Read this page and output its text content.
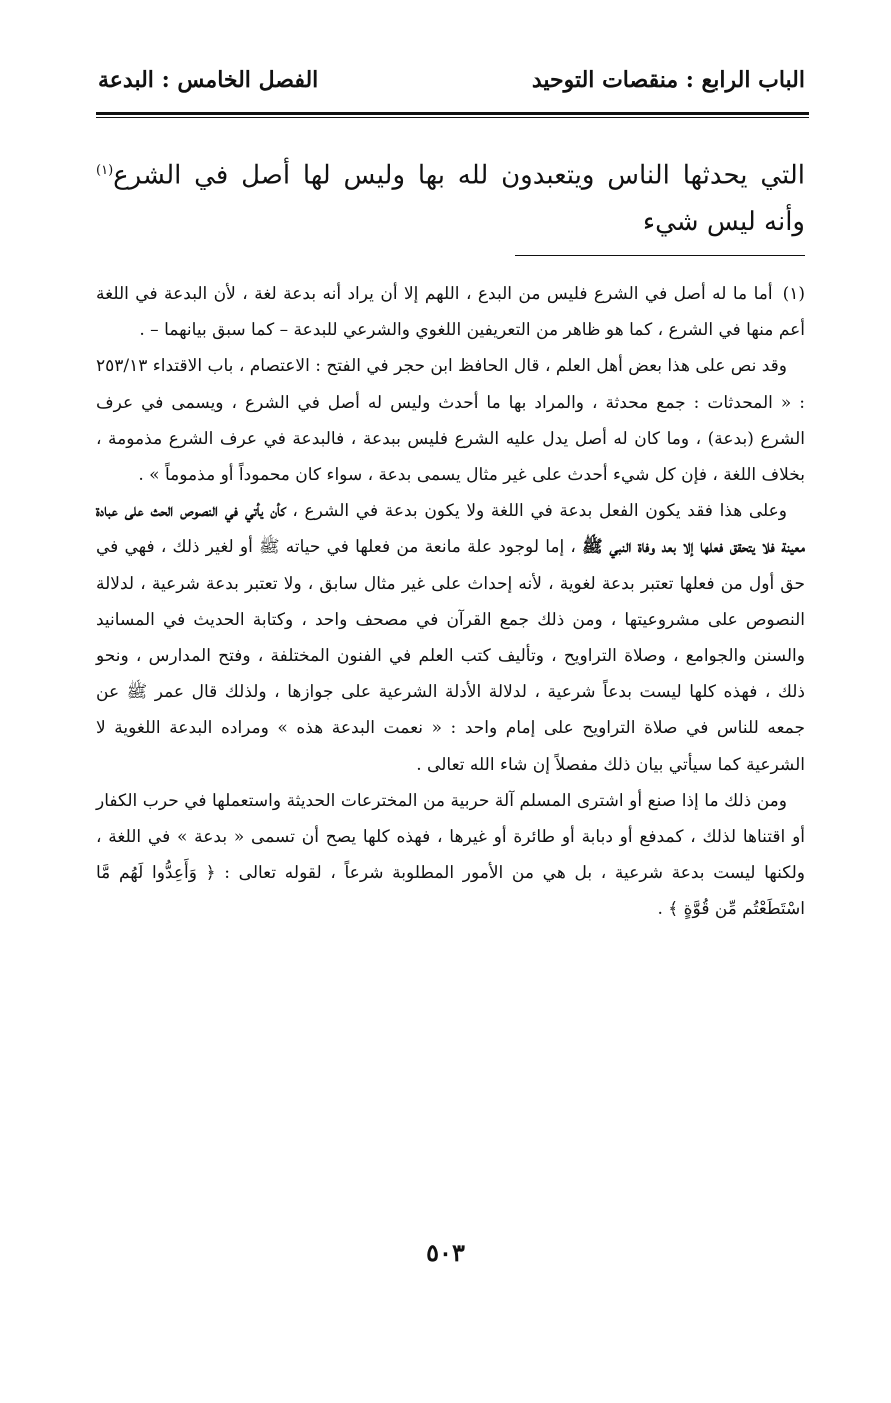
الباب الرابع : منقصات التوحيد
الفصل الخامس : البدعة
التي يحدثها الناس ويتعبدون لله بها وليس لها أصل في الشرع$^{(١)}$ وأنه ليس شيء

(١)أما ما له أصل في الشرع فليس من البدع ، اللهم إلا أن يراد أنه بدعة لغة ، لأن البدعة في اللغة أعم منها في الشرع ، كما هو ظاهر من التعريفين اللغوي والشرعي للبدعة – كما سبق بيانهما – .

وقد نص على هذا بعض أهل العلم ، قال الحافظ ابن حجر في الفتح : الاعتصام ، باب الاقتداء ٢٥٣/١٣ : « المحدثات : جمع محدثة ، والمراد بها ما أحدث وليس له أصل في الشرع ، ويسمى في عرف الشرع (بدعة) ، وما كان له أصل يدل عليه الشرع فليس ببدعة ، فالبدعة في عرف الشرع مذمومة ، بخلاف اللغة ، فإن كل شيء أحدث على غير مثال يسمى بدعة ، سواء كان محموداً أو مذموماً » .

وعلى هذا فقد يكون الفعل بدعة في اللغة ولا يكون بدعة في الشرع ، كأن يأتي في النصوص الحث على عبادة معينة فلا يتحقق فعلها إلا بعد وفاة النبي ﷺ ، إما لوجود علة مانعة من فعلها في حياته ﷺ أو لغير ذلك ، فهي في حق أول من فعلها تعتبر بدعة لغوية ، لأنه إحداث على غير مثال سابق ، ولا تعتبر بدعة شرعية ، لدلالة النصوص على مشروعيتها ، ومن ذلك جمع القرآن في مصحف واحد ، وكتابة الحديث في المسانيد والسنن والجوامع ، وصلاة التراويح ، وتأليف كتب العلم في الفنون المختلفة ، وفتح المدارس ، ونحو ذلك ، فهذه كلها ليست بدعاً شرعية ، لدلالة الأدلة الشرعية على جوازها ، ولذلك قال عمر ﷺ عن جمعه للناس في صلاة التراويح على إمام واحد : « نعمت البدعة هذه » ومراده البدعة اللغوية لا الشرعية كما سيأتي بيان ذلك مفصلاً إن شاء الله تعالى .

ومن ذلك ما إذا صنع أو اشترى المسلم آلة حربية من المخترعات الحديثة واستعملها في حرب الكفار أو اقتناها لذلك ، كمدفع أو دبابة أو طائرة أو غيرها ، فهذه كلها يصح أن تسمى « بدعة » في اللغة ، ولكنها ليست بدعة شرعية ، بل هي من الأمور المطلوبة شرعاً ، لقوله تعالى : ﴿ وَأَعِدُّوا لَهُم مَّا اسْتَطَعْتُم مِّن قُوَّةٍ ﴾ .

٥٠٣
